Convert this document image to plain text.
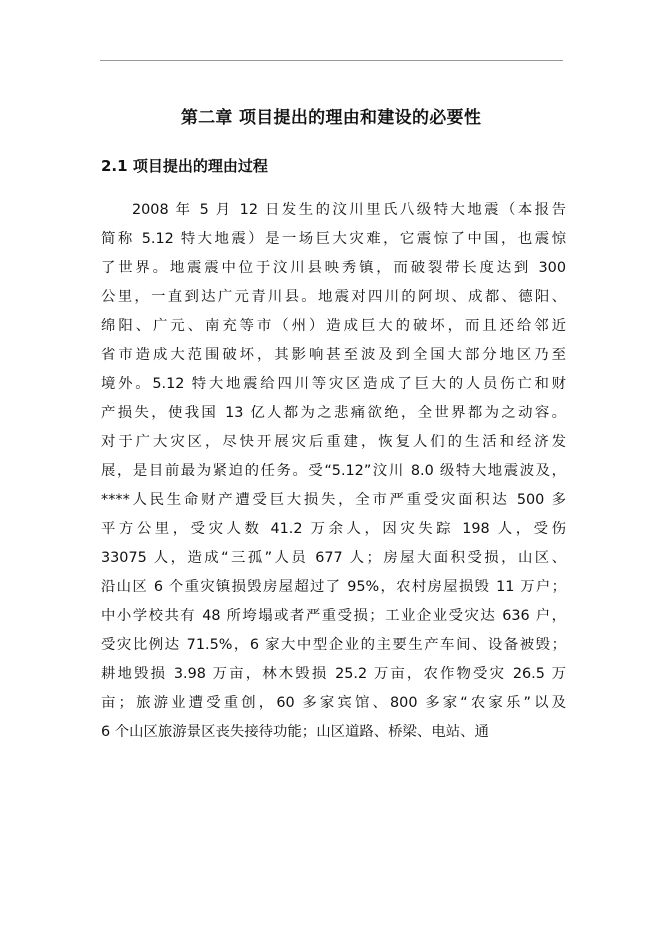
第二章 项目提出的理由和建设的必要性
2.1 项目提出的理由过程
2008 年 5 月 12 日发生的汶川里氏八级特大地震（本报告
简称 5.12 特大地震）是一场巨大灾难，它震惊了中国，也震惊
了世界。地震震中位于汶川县映秀镇，而破裂带长度达到 300
公里，一直到达广元青川县。地震对四川的阿坝、成都、德阳、
绵阳、广元、南充等市（州）造成巨大的破坏，而且还给邻近
省市造成大范围破坏，其影响甚至波及到全国大部分地区乃至
境外。5.12 特大地震给四川等灾区造成了巨大的人员伤亡和财
产损失，使我国 13 亿人都为之悲痛欲绝，全世界都为之动容。
对于广大灾区，尽快开展灾后重建，恢复人们的生活和经济发
展，是目前最为紧迫的任务。受“5.12”汶川 8.0 级特大地震波及，
****人民生命财产遭受巨大损失，全市严重受灾面积达 500 多
平方公里，受灾人数 41.2 万余人，因灾失踪 198 人，受伤
33075 人，造成“三孤”人员 677 人；房屋大面积受损，山区、
沿山区 6 个重灾镇损毁房屋超过了 95%，农村房屋损毁 11 万户；
中小学校共有 48 所垮塌或者严重受损；工业企业受灾达 636 户，
受灾比例达 71.5%，6 家大中型企业的主要生产车间、设备被毁；
耕地毁损 3.98 万亩，林木毁损 25.2 万亩，农作物受灾 26.5 万
亩；旅游业遭受重创，60 多家宾馆、800 多家“农家乐”以及
6 个山区旅游景区丧失接待功能；山区道路、桥梁、电站、通
